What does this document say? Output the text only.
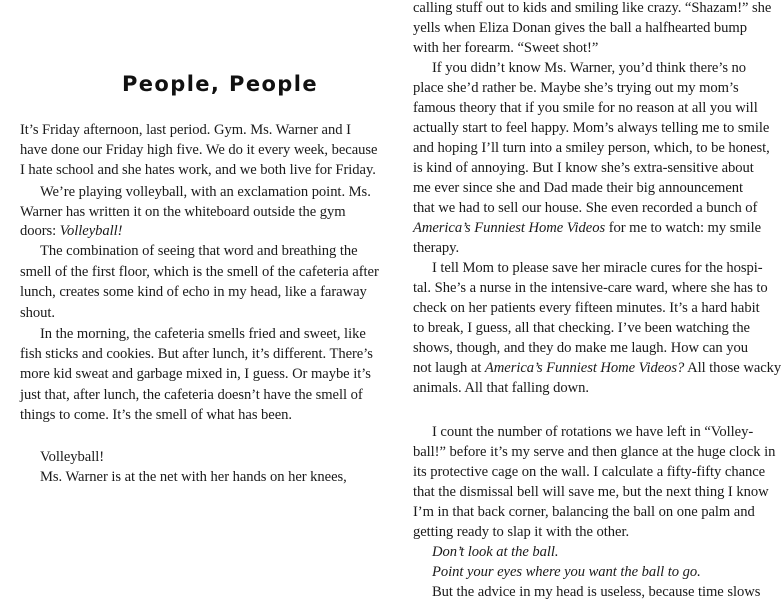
People, People

It’s Friday afternoon, last period. Gym. Ms. Warner and I

have done our Friday high five. We do it every week, because

I hate school and she hates work, and we both live for Friday.

We’re playing volleyball, with an exclamation point. Ms.

Warner has written it on the whiteboard outside the gym

doors: Volleyball!

The combination of seeing that word and breathing the

smell of the first floor, which is the smell of the cafeteria after

lunch, creates some kind of echo in my head, like a faraway

shout.

In the morning, the cafeteria smells fried and sweet, like

fish sticks and cookies. But after lunch, it’s different. There’s

more kid sweat and garbage mixed in, I guess. Or maybe it’s

just that, after lunch, the cafeteria doesn’t have the smell of

things to come. It’s the smell of what has been.

Volleyball!

Ms. Warner is at the net with her hands on her knees,

calling stuff out to kids and smiling like crazy. “Shazam!” she

yells when Eliza Donan gives the ball a halfhearted bump

with her forearm. “Sweet shot!”

If you didn’t know Ms. Warner, you’d think there’s no

place she’d rather be. Maybe she’s trying out my mom’s

famous theory that if you smile for no reason at all you will

actually start to feel happy. Mom’s always telling me to smile

and hoping I’ll turn into a smiley person, which, to be honest,

is kind of annoying. But I know she’s extra-sensitive about

me ever since she and Dad made their big announcement

that we had to sell our house. She even recorded a bunch of

America’s Funniest Home Videos for me to watch: my smile

therapy.

I tell Mom to please save her miracle cures for the hospi-

tal. She’s a nurse in the intensive-care ward, where she has to

check on her patients every fifteen minutes. It’s a hard habit

to break, I guess, all that checking. I’ve been watching the

shows, though, and they do make me laugh. How can you

not laugh at America’s Funniest Home Videos? All those wacky

animals. All that falling down.

I count the number of rotations we have left in “Volley-

ball!” before it’s my serve and then glance at the huge clock in

its protective cage on the wall. I calculate a fifty-fifty chance

that the dismissal bell will save me, but the next thing I know

I’m in that back corner, balancing the ball on one palm and

getting ready to slap it with the other.

Don’t look at the ball.

Point your eyes where you want the ball to go.

But the advice in my head is useless, because time slows
